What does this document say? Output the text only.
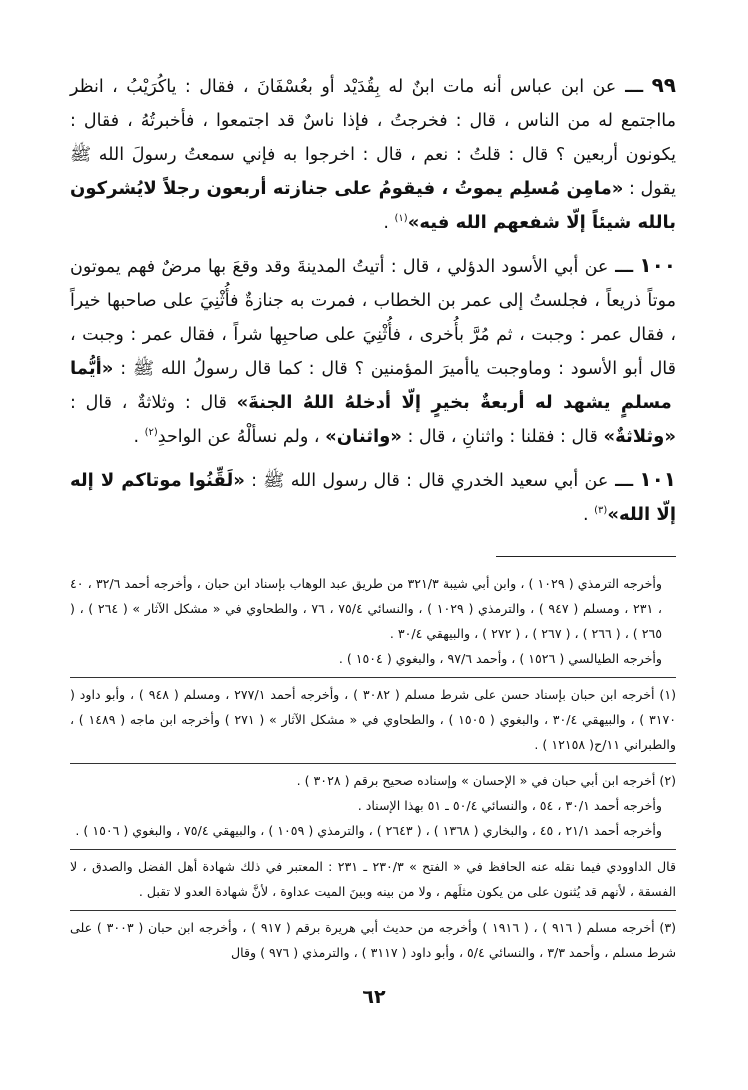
٩٩ ـــ عن ابن عباس أنه مات ابنٌ له بِقُدَيْد أو بعُسْفَانَ ، فقال : ياكُرَيْبُ ، انظر مااجتمع له من الناس ، قال : فخرجتُ ، فإذا ناسٌ قد اجتمعوا ، فأخبرتُهُ ، فقال : يكونون أربعين ؟ قال : قلتُ : نعم ، قال : اخرجوا به فإني سمعتُ رسولَ الله ﷺ يقول : «مامِن مُسلِم يموتُ ، فيقومُ على جنازته أربعون رجلاً لايُشركون بالله شيئاً إلّا شفعهم الله فيه»$^{(١)}$ .

١٠٠ ـــ عن أبي الأسود الدؤلي ، قال : أتيتُ المدينةَ وقد وقعَ بها مرضٌ فهم يموتون موتاً ذريعاً ، فجلستُ إلى عمر بن الخطاب ، فمرت به جنازةٌ فأُثْنِيَ على صاحبها خيراً ، فقال عمر : وجبت ، ثم مُرَّ بأُخرى ، فأُثْنِيَ على صاحبِها شراً ، فقال عمر : وجبت ، قال أبو الأسود : وماوجبت ياأميرَ المؤمنين ؟ قال : كما قال رسولُ الله ﷺ : «أيُّما مسلمٍ يشهد له أربعةٌ بخيرٍ إلّا أدخلهُ اللهُ الجنةَ» قال : وثلاثةٌ ، قال : «وثلاثةٌ» قال : فقلنا : واثنانِ ، قال : «واثنان» ، ولم نسألْهُ عن الواحدِ$^{(٢)}$ .

١٠١ ـــ عن أبي سعيد الخدري قال : قال رسول الله ﷺ : «لَقِّنُوا موتاكم لا إله إلّا الله»$^{(٣)}$ .

وأخرجه الترمذي ( ١٠٢٩ ) ، وابن أبي شيبة ٣٢١/٣ من طريق عبد الوهاب بإسناد ابن حبان ، وأخرجه أحمد ٣٢/٦ ، ٤٠ ، ٢٣١ ، ومسلم ( ٩٤٧ ) ، والترمذي ( ١٠٢٩ ) ، والنسائي ٧٥/٤ ، ٧٦ ، والطحاوي في « مشكل الآثار » ( ٢٦٤ ) ، ( ٢٦٥ ) ، ( ٢٦٦ ) ، ( ٢٦٧ ) ، ( ٢٧٢ ) ، والبيهقي ٣٠/٤ .

وأخرجه الطيالسي ( ١٥٢٦ ) ، وأحمد ٩٧/٦ ، والبغوي ( ١٥٠٤ ) .

(١) أخرجه ابن حبان بإسناد حسن على شرط مسلم ( ٣٠٨٢ ) ، وأخرجه أحمد ٢٧٧/١ ، ومسلم ( ٩٤٨ ) ، وأبو داود ( ٣١٧٠ ) ، والبيهقي ٣٠/٤ ، والبغوي ( ١٥٠٥ ) ، والطحاوي في « مشكل الآثار » ( ٢٧١ ) وأخرجه ابن ماجه ( ١٤٨٩ ) ، والطبراني ١١/ح( ١٢١٥٨ ) .

(٢) أخرجه ابن أبي حبان في « الإحسان » وإسناده صحيح برقم ( ٣٠٢٨ ) .

وأخرجه أحمد ٣٠/١ ، ٥٤ ، والنسائي ٥٠/٤ ـ ٥١ بهذا الإسناد .

وأخرجه أحمد ٢١/١ ، ٤٥ ، والبخاري ( ١٣٦٨ ) ، ( ٢٦٤٣ ) ، والترمذي ( ١٠٥٩ ) ، والبيهقي ٧٥/٤ ، والبغوي ( ١٥٠٦ ) .

قال الداوودي فيما نقله عنه الحافظ في « الفتح » ٢٣٠/٣ ـ ٢٣١ : المعتبر في ذلك شهادة أهل الفضل والصدق ، لا الفسقة ، لأنهم قد يُثنون على من يكون مثلَهم ، ولا من بينه وبينَ الميت عداوة ، لأنَّ شهادة العدو لا تقبل .

(٣) أخرجه مسلم ( ٩١٦ ) ، ( ١٩١٦ ) وأخرجه من حديث أبي هريرة برقم ( ٩١٧ ) ، وأخرجه ابن حبان ( ٣٠٠٣ ) على شرط مسلم ، وأحمد ٣/٣ ، والنسائي ٥/٤ ، وأبو داود ( ٣١١٧ ) ، والترمذي ( ٩٧٦ ) وقال

٦٢
